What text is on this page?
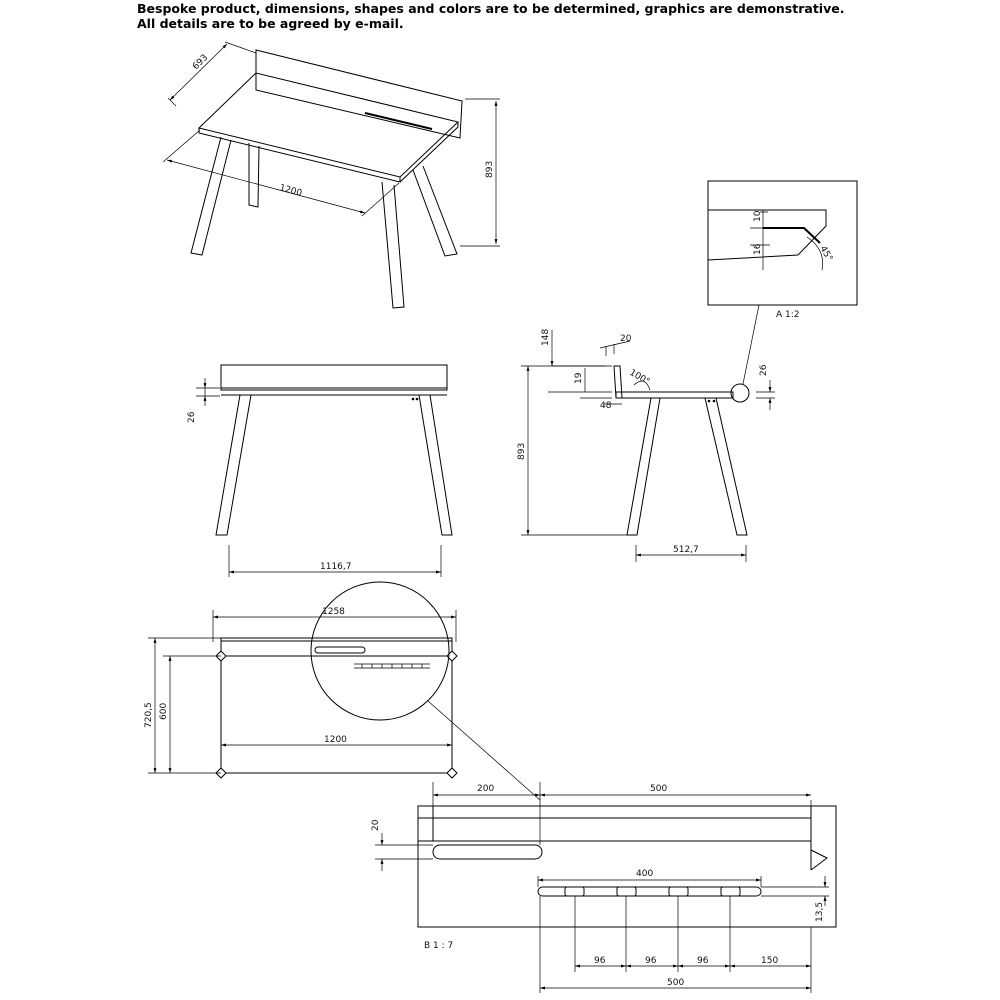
Bespoke product, dimensions, shapes and colors are to be determined, graphics are demonstrative.
All details are to be agreed by e-mail.
693
1200
893
10
16	45°
A 1:2
26
1116,7
100°
20
148
19
48
893
26
512,7
1258
720,5 600
1200
200	500
20
400
13,5
B 1 : 7
96	96	96	150
500
